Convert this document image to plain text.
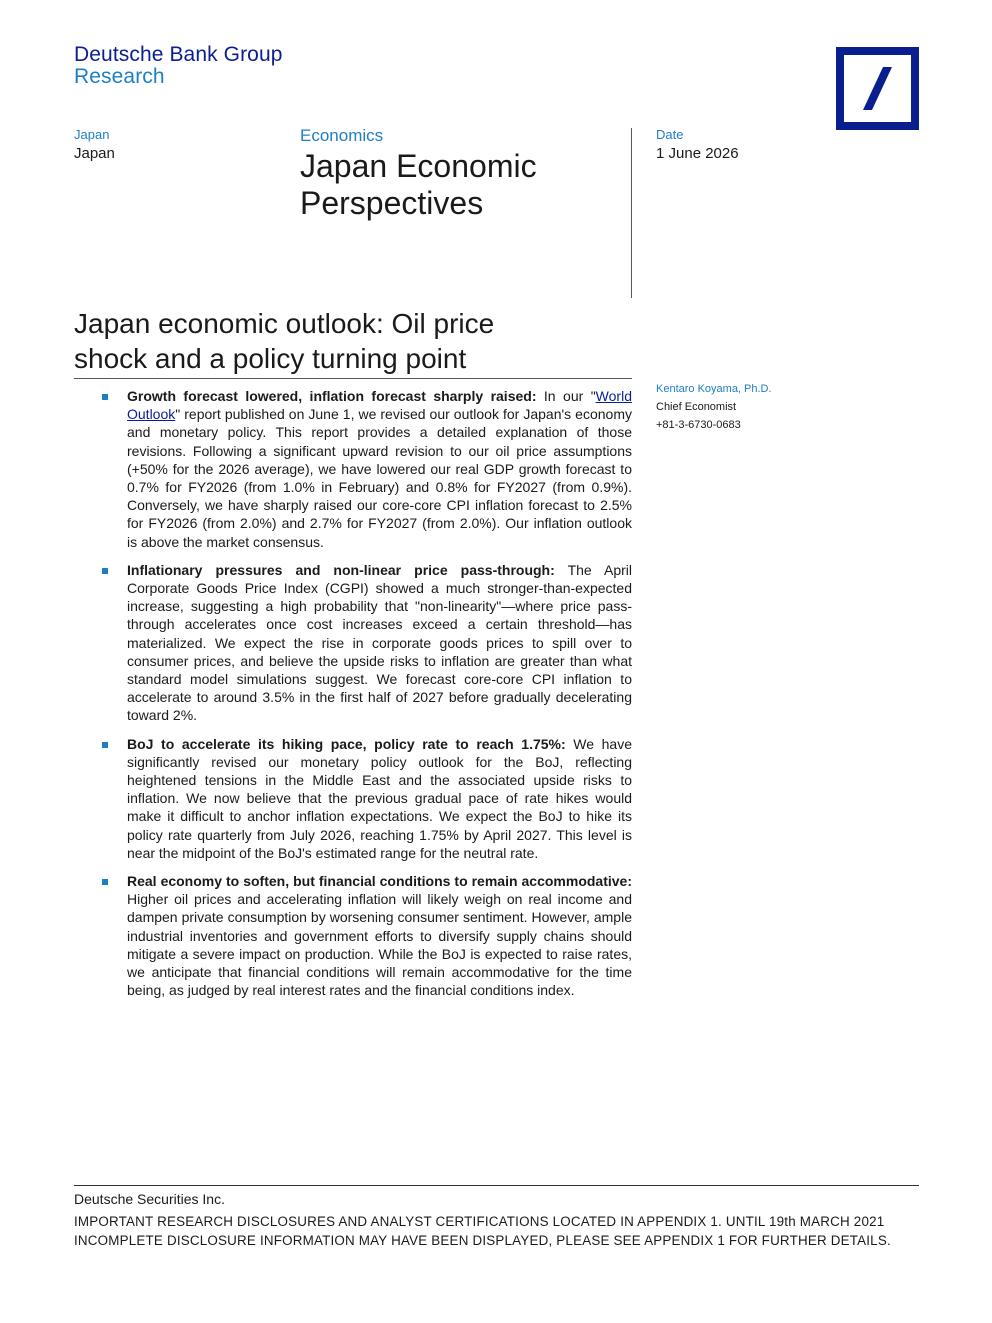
Deutsche Bank Group
Research
Japan
Japan
Economics
Japan Economic
Perspectives
Date
1 June 2026
Japan economic outlook: Oil price
shock and a policy turning point
Kentaro Koyama, Ph.D.
Chief Economist
+81-3-6730-0683
Growth forecast lowered, inflation forecast sharply raised: In our "World Outlook" report published on June 1, we revised our outlook for Japan's economy and monetary policy. This report provides a detailed explanation of those revisions. Following a significant upward revision to our oil price assumptions (+50% for the 2026 average), we have lowered our real GDP growth forecast to 0.7% for FY2026 (from 1.0% in February) and 0.8% for FY2027 (from 0.9%). Conversely, we have sharply raised our core-core CPI inflation forecast to 2.5% for FY2026 (from 2.0%) and 2.7% for FY2027 (from 2.0%). Our inflation outlook is above the market consensus.
Inflationary pressures and non-linear price pass-through: The April Corporate Goods Price Index (CGPI) showed a much stronger-than-expected increase, suggesting a high probability that "non-linearity"—where price pass-through accelerates once cost increases exceed a certain threshold—has materialized. We expect the rise in corporate goods prices to spill over to consumer prices, and believe the upside risks to inflation are greater than what standard model simulations suggest. We forecast core-core CPI inflation to accelerate to around 3.5% in the first half of 2027 before gradually decelerating toward 2%.
BoJ to accelerate its hiking pace, policy rate to reach 1.75%: We have significantly revised our monetary policy outlook for the BoJ, reflecting heightened tensions in the Middle East and the associated upside risks to inflation. We now believe that the previous gradual pace of rate hikes would make it difficult to anchor inflation expectations. We expect the BoJ to hike its policy rate quarterly from July 2026, reaching 1.75% by April 2027. This level is near the midpoint of the BoJ's estimated range for the neutral rate.
Real economy to soften, but financial conditions to remain accommodative: Higher oil prices and accelerating inflation will likely weigh on real income and dampen private consumption by worsening consumer sentiment. However, ample industrial inventories and government efforts to diversify supply chains should mitigate a severe impact on production. While the BoJ is expected to raise rates, we anticipate that financial conditions will remain accommodative for the time being, as judged by real interest rates and the financial conditions index.
Deutsche Securities Inc.
IMPORTANT RESEARCH DISCLOSURES AND ANALYST CERTIFICATIONS LOCATED IN APPENDIX 1. UNTIL 19th MARCH 2021 INCOMPLETE DISCLOSURE INFORMATION MAY HAVE BEEN DISPLAYED, PLEASE SEE APPENDIX 1 FOR FURTHER DETAILS.
